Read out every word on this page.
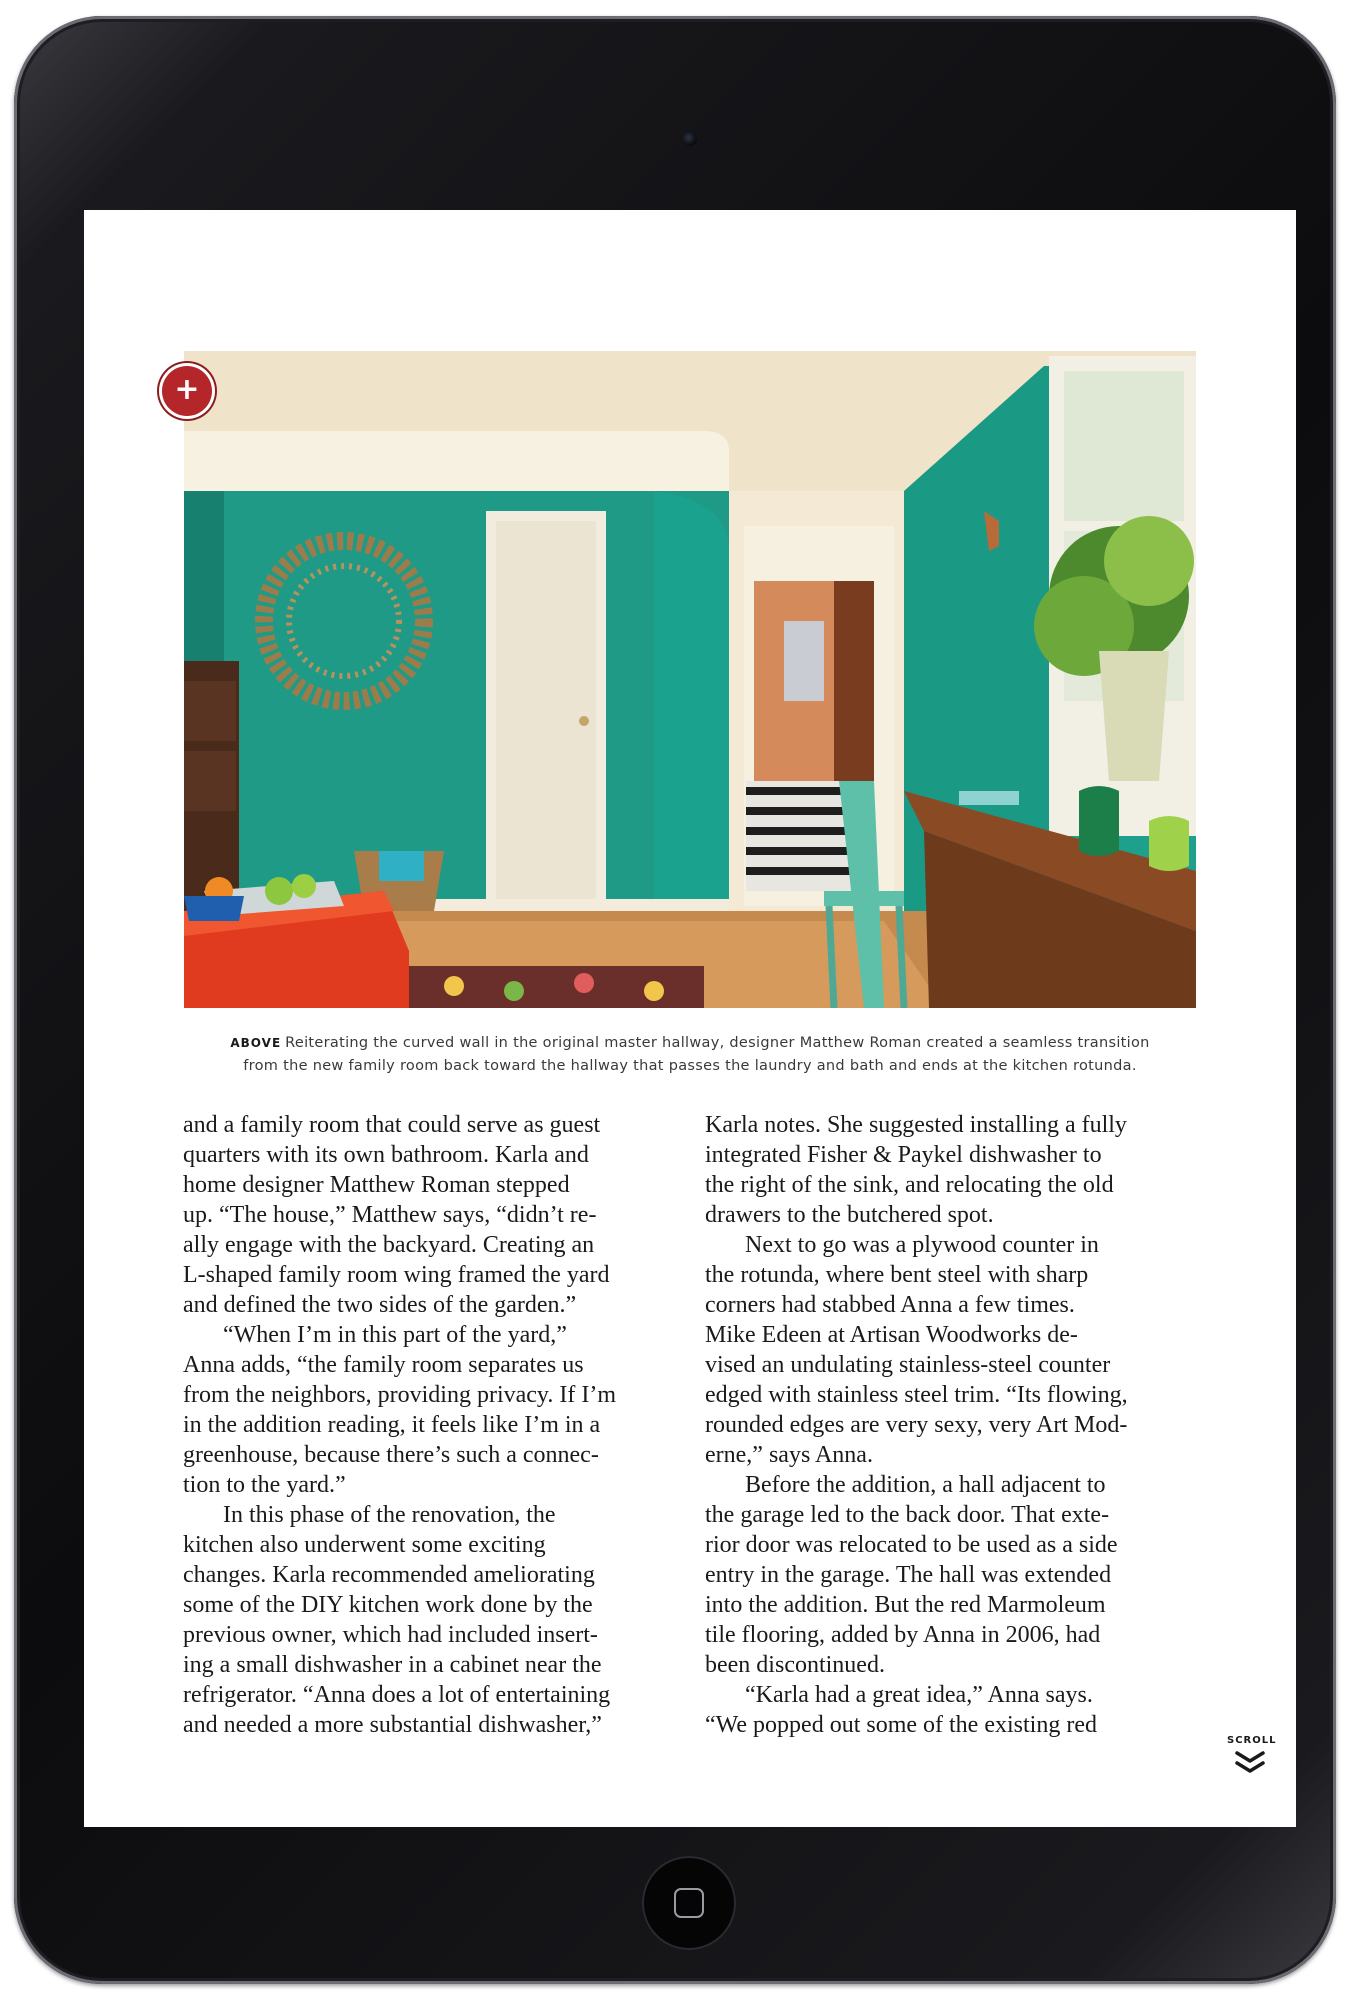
+
ABOVE Reiterating the curved wall in the original master hallway, designer Matthew Roman created a seamless transition
from the new family room back toward the hallway that passes the laundry and bath and ends at the kitchen rotunda.
and a family room that could serve as guest
quarters with its own bathroom. Karla and
home designer Matthew Roman stepped
up. “The house,” Matthew says, “didn’t re-
ally engage with the backyard. Creating an
L-shaped family room wing framed the yard
and defined the two sides of the garden.”
“When I’m in this part of the yard,”
Anna adds, “the family room separates us
from the neighbors, providing privacy. If I’m
in the addition reading, it feels like I’m in a
greenhouse, because there’s such a connec-
tion to the yard.”
In this phase of the renovation, the
kitchen also underwent some exciting
changes. Karla recommended ameliorating
some of the DIY kitchen work done by the
previous owner, which had included insert-
ing a small dishwasher in a cabinet near the
refrigerator. “Anna does a lot of entertaining
and needed a more substantial dishwasher,”
Karla notes. She suggested installing a fully
integrated Fisher & Paykel dishwasher to
the right of the sink, and relocating the old
drawers to the butchered spot.
Next to go was a plywood counter in
the rotunda, where bent steel with sharp
corners had stabbed Anna a few times.
Mike Edeen at Artisan Woodworks de-
vised an undulating stainless-steel counter
edged with stainless steel trim. “Its flowing,
rounded edges are very sexy, very Art Mod-
erne,” says Anna.
Before the addition, a hall adjacent to
the garage led to the back door. That exte-
rior door was relocated to be used as a side
entry in the garage. The hall was extended
into the addition. But the red Marmoleum
tile flooring, added by Anna in 2006, had
been discontinued.
“Karla had a great idea,” Anna says.
“We popped out some of the existing red
SCROLL
